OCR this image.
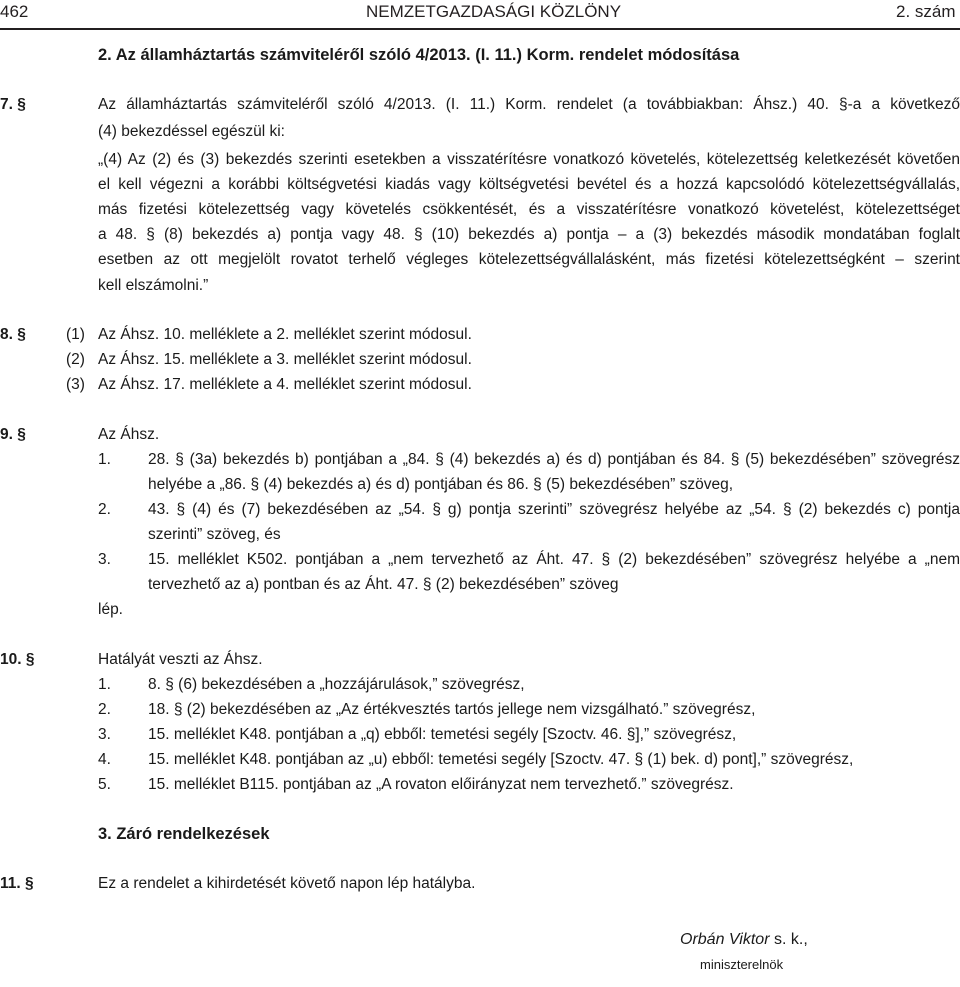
462	NEMZETGAZDASÁGI KÖZLÖNY	2. szám
2. Az államháztartás számviteléről szóló 4/2013. (I. 11.) Korm. rendelet módosítása
7. §	Az államháztartás számviteléről szóló 4/2013. (I. 11.) Korm. rendelet (a továbbiakban: Áhsz.) 40. §-a a következő
(4) bekezdéssel egészül ki:
„(4) Az (2) és (3) bekezdés szerinti esetekben a visszatérítésre vonatkozó követelés, kötelezettség keletkezését követően
el kell végezni a korábbi költségvetési kiadás vagy költségvetési bevétel és a hozzá kapcsolódó kötelezettségvállalás,
más fizetési kötelezettség vagy követelés csökkentését, és a visszatérítésre vonatkozó követelést, kötelezettséget
a 48. § (8) bekezdés a) pontja vagy 48. § (10) bekezdés a) pontja – a (3) bekezdés második mondatában foglalt
esetben az ott megjelölt rovatot terhelő végleges kötelezettségvállalásként, más fizetési kötelezettségként – szerint
kell elszámolni.”
8. §	(1) Az Áhsz. 10. melléklete a 2. melléklet szerint módosul.
(2) Az Áhsz. 15. melléklete a 3. melléklet szerint módosul.
(3) Az Áhsz. 17. melléklete a 4. melléklet szerint módosul.
9. §	Az Áhsz.
1. 28. § (3a) bekezdés b) pontjában a „84. § (4) bekezdés a) és d) pontjában és 84. § (5) bekezdésében” szövegrész
helyébe a „86. § (4) bekezdés a) és d) pontjában és 86. § (5) bekezdésében” szöveg,
2. 43. § (4) és (7) bekezdésében az „54. § g) pontja szerinti” szövegrész helyébe az „54. § (2) bekezdés c) pontja
szerinti” szöveg, és
3. 15. melléklet K502. pontjában a „nem tervezhető az Áht. 47. § (2) bekezdésében” szövegrész helyébe a „nem
tervezhető az a) pontban és az Áht. 47. § (2) bekezdésében” szöveg
lép.
10. §	Hatályát veszti az Áhsz.
1. 8. § (6) bekezdésében a „hozzájárulások,” szövegrész,
2. 18. § (2) bekezdésében az „Az értékvesztés tartós jellege nem vizsgálható.” szövegrész,
3. 15. melléklet K48. pontjában a „q) ebből: temetési segély [Szoctv. 46. §],” szövegrész,
4. 15. melléklet K48. pontjában az „u) ebből: temetési segély [Szoctv. 47. § (1) bek. d) pont],” szövegrész,
5. 15. melléklet B115. pontjában az „A rovaton előirányzat nem tervezhető.” szövegrész.
3. Záró rendelkezések
11. §	Ez a rendelet a kihirdetését követő napon lép hatályba.
Orbán Viktor s. k.,
miniszterelnök
